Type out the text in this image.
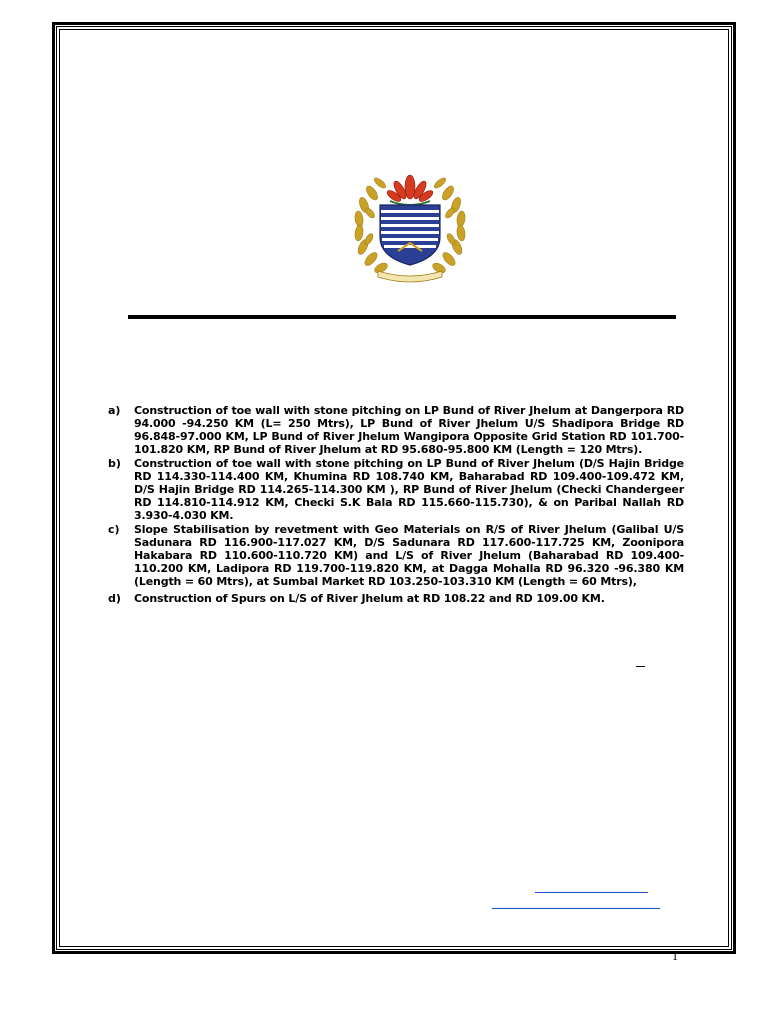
a) Construction of toe wall with stone pitching on LP Bund of River Jhelum at Dangerpora RD 94.000 -94.250 KM (L= 250 Mtrs), LP Bund of River Jhelum U/S Shadipora Bridge RD 96.848-97.000 KM, LP Bund of River Jhelum Wangipora Opposite Grid Station RD 101.700-101.820 KM, RP Bund of River Jhelum at RD 95.680-95.800 KM (Length = 120 Mtrs).
b) Construction of toe wall with stone pitching on LP Bund of River Jhelum (D/S Hajin Bridge RD 114.330-114.400 KM, Khumina RD 108.740 KM, Baharabad RD 109.400-109.472 KM, D/S Hajin Bridge RD 114.265-114.300 KM ), RP Bund of River Jhelum (Checki Chandergeer RD 114.810-114.912 KM, Checki S.K Bala RD 115.660-115.730), & on Paribal Nallah RD 3.930-4.030 KM.
c) Slope Stabilisation by revetment with Geo Materials on R/S of River Jhelum (Galibal U/S Sadunara RD 116.900-117.027 KM, D/S Sadunara RD 117.600-117.725 KM, Zoonipora Hakabara RD 110.600-110.720 KM) and L/S of River Jhelum (Baharabad RD 109.400-110.200 KM, Ladipora RD 119.700-119.820 KM, at Dagga Mohalla RD 96.320 -96.380 KM (Length = 60 Mtrs), at Sumbal Market RD 103.250-103.310 KM (Length = 60 Mtrs),
d) Construction of Spurs on L/S of River Jhelum at RD 108.22 and RD 109.00 KM.
1
